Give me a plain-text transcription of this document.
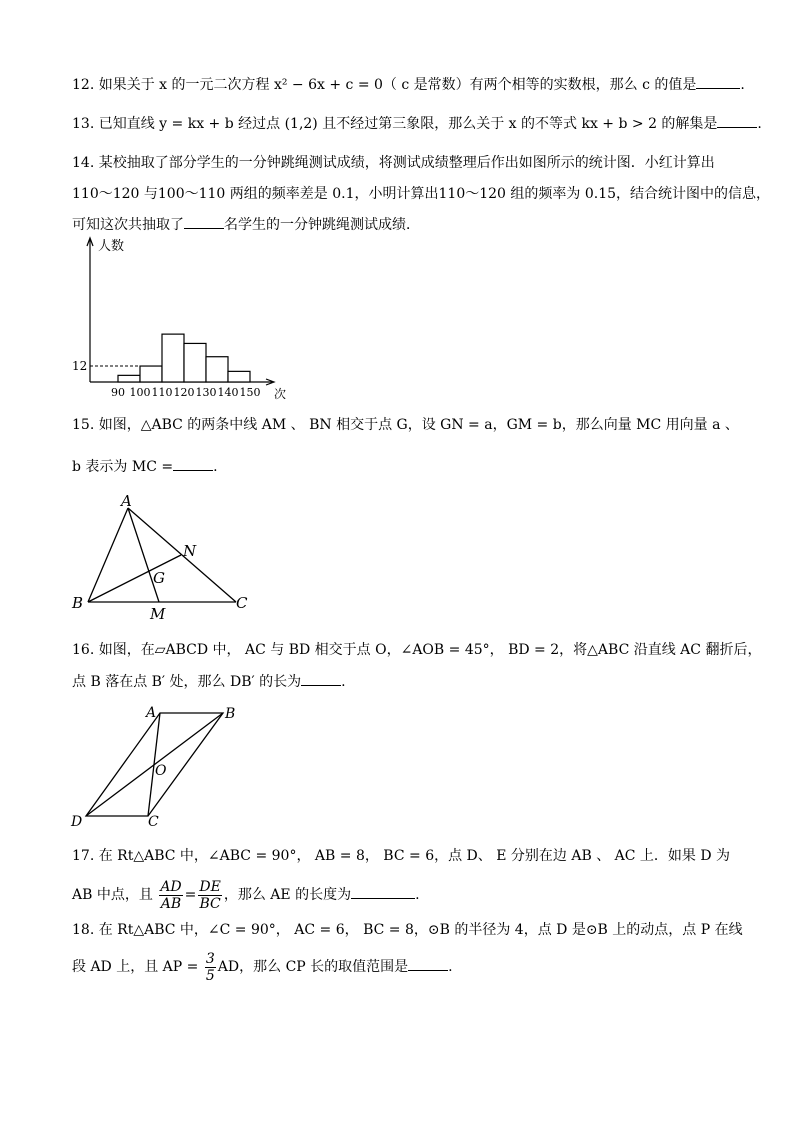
12. 如果关于 x 的一元二次方程 x² − 6x + c = 0（ c 是常数）有两个相等的实数根，那么 c 的值是	.
13. 已知直线 y = kx + b 经过点 (1,2) 且不经过第三象限，那么关于 x 的不等式 kx + b > 2 的解集是	.
14. 某校抽取了部分学生的一分钟跳绳测试成绩，将测试成绩整理后作出如图所示的统计图．小红计算出
110～120 与100～110 两组的频率差是 0.1，小明计算出110～120 组的频率为 0.15，结合统计图中的信息，
可知这次共抽取了	名学生的一分钟跳绳测试成绩．
12
90 100 110 120 130 140 150
人数
次
15. 如图，△ABC 的两条中线 AM 、 BN 相交于点 G，设 GN = a，GM = b，那么向量 MC 用向量 a 、
b 表示为 MC =	.
A
B	C
N
G
M
16. 如图，在▱ABCD 中， AC 与 BD 相交于点 O，∠AOB = 45°， BD = 2，将△ABC 沿直线 AC 翻折后，
点 B 落在点 B′ 处，那么 DB′ 的长为	.
A	B
D	C
O
17. 在 Rt△ABC 中，∠ABC = 90°， AB = 8， BC = 6，点 D、 E 分别在边 AB 、 AC 上．如果 D 为
AB 中点，且 $\frac{AD}{AB} = \frac{DE}{BC}$ ，那么 AE 的长度为	.
18. 在 Rt△ABC 中，∠C = 90°， AC = 6， BC = 8，⊙B 的半径为 4，点 D 是⊙B 上的动点，点 P 在线
段 AD 上，且 AP = $\frac{3}{5}$ AD，那么 CP 长的取值范围是	.
